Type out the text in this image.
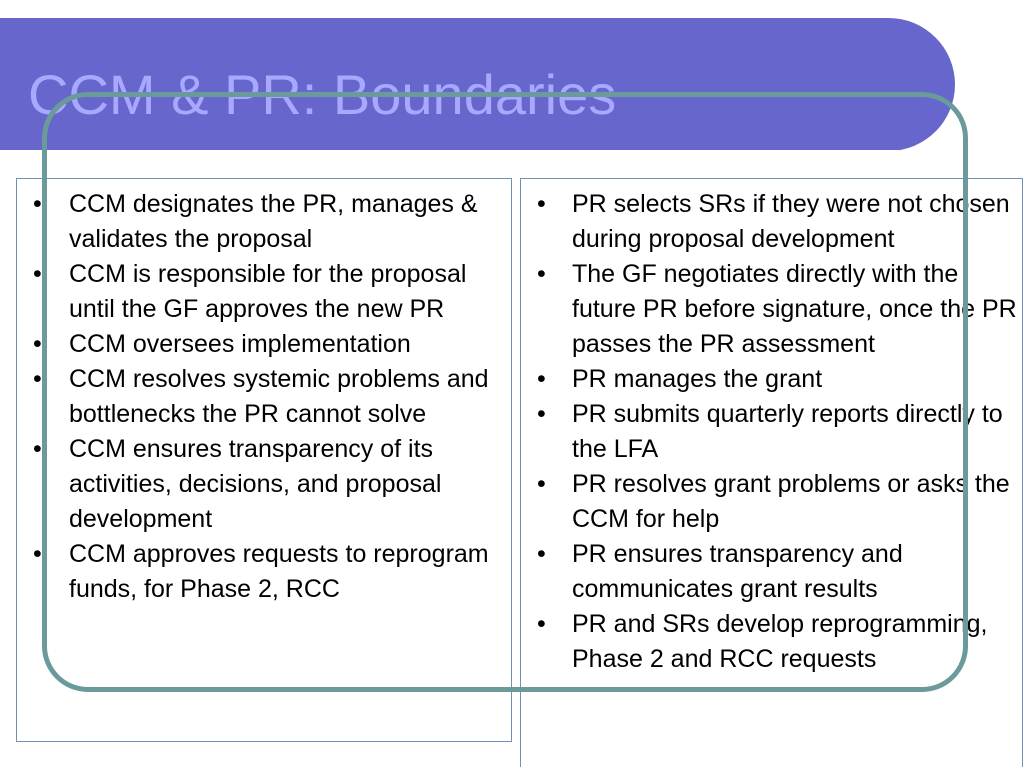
CCM & PR: Boundaries
• CCM designates the PR, manages & validates the proposal
• CCM is responsible for the proposal until the GF approves the new PR
• CCM oversees implementation
• CCM resolves systemic problems and bottlenecks the PR cannot solve
• CCM ensures transparency of its activities, decisions, and proposal development
• CCM approves requests to reprogram funds, for Phase 2, RCC
• PR selects SRs if they were not chosen during proposal development
• The GF negotiates directly with the future PR before signature, once the PR passes the PR assessment
• PR manages the grant
• PR submits quarterly reports directly to the LFA
• PR resolves grant problems or asks the CCM for help
• PR ensures transparency and communicates grant results
• PR and SRs develop reprogramming, Phase 2 and RCC requests
